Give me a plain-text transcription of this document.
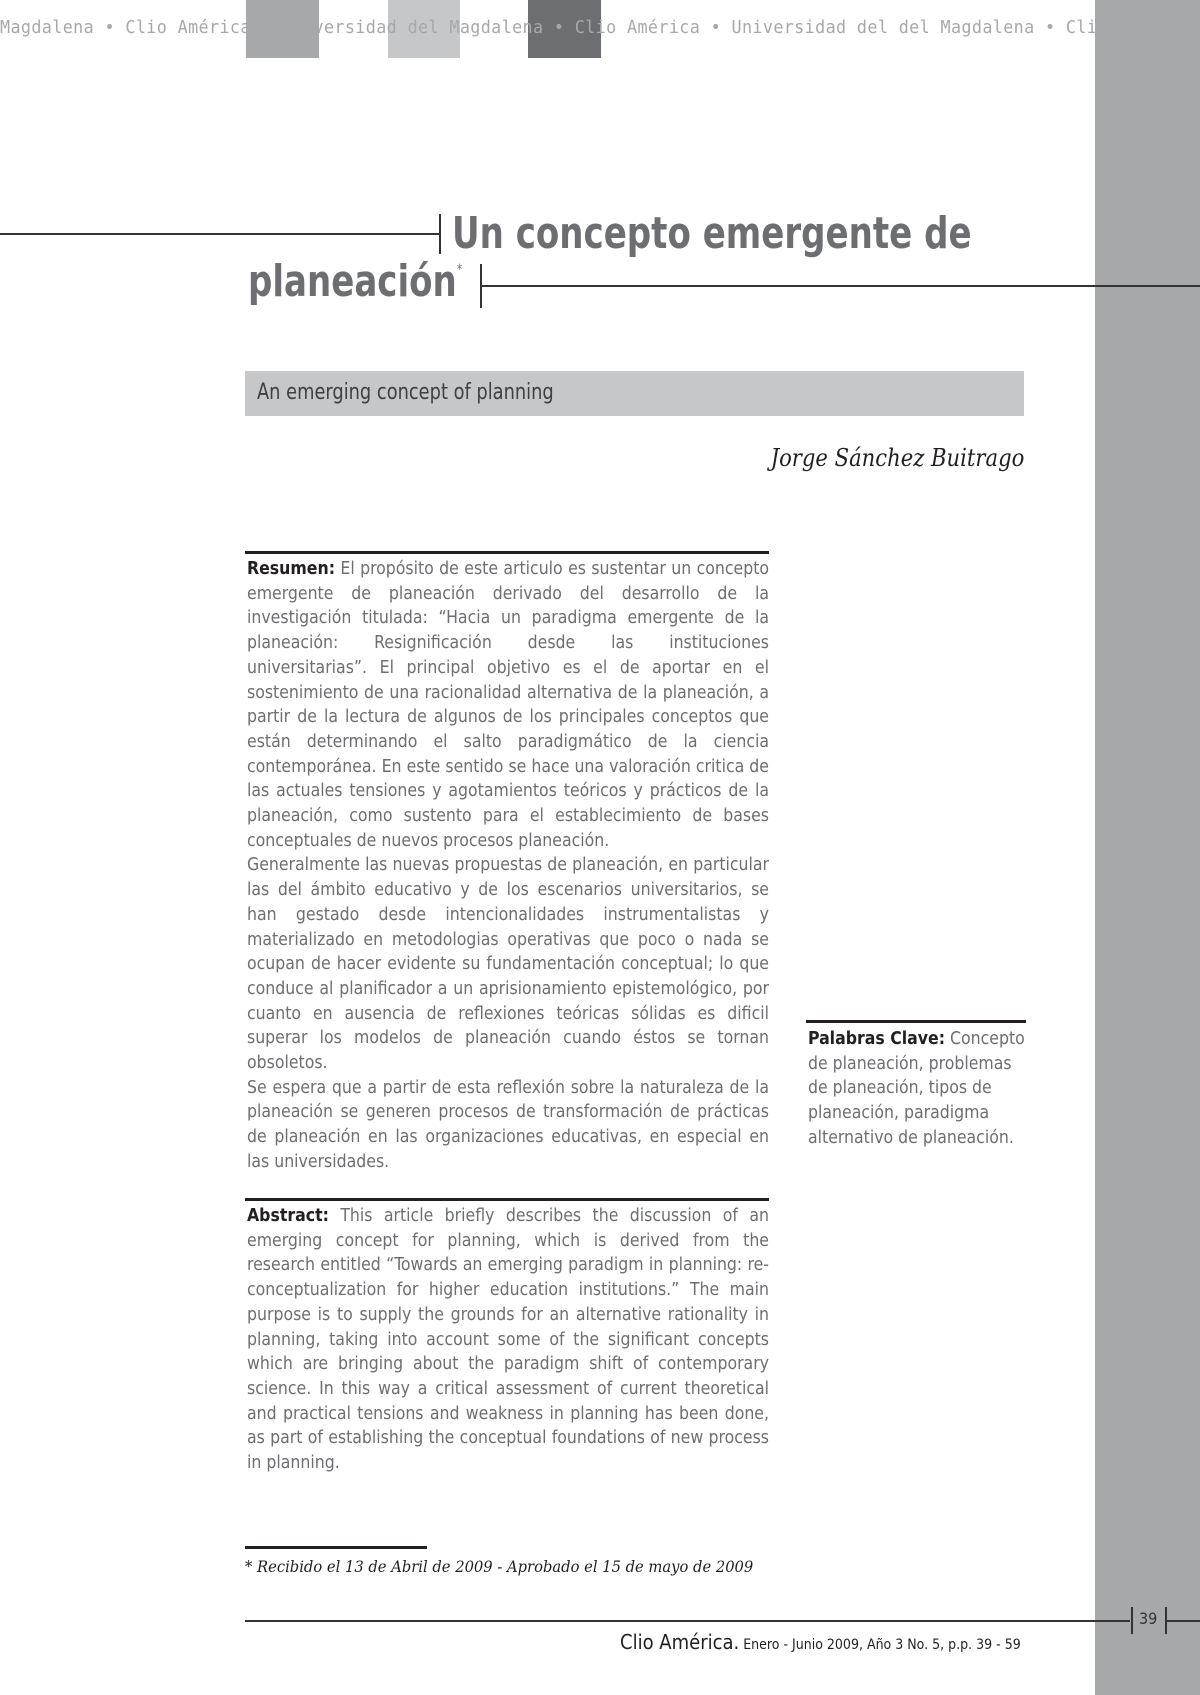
Magdalena • Clio América • Universidad del Magdalena • Clio América • Universidad del del Magdalena • Clio América
Un concepto emergente de
planeación*
An emerging concept of planning
Jorge Sánchez Buitrago

Resumen: El propósito de este articulo es sustentar un concepto emergente de planeación derivado del desarrollo de la investigación titulada: “Hacia un paradigma emergente de la planeación: Resignificación desde las instituciones universitarias”. El principal objetivo es el de aportar en el sostenimiento de una racionalidad alternativa de la planeación, a partir de la lectura de algunos de los principales conceptos que están determinando el salto paradigmático de la ciencia contemporánea. En este sentido se hace una valoración critica de las actuales tensiones y agotamientos teóricos y prácticos de la planeación, como sustento para el establecimiento de bases conceptuales de nuevos procesos planeación.

Generalmente las nuevas propuestas de planeación, en particular las del ámbito educativo y de los escenarios universitarios, se han gestado desde intencionalidades instrumentalistas y materializado en metodologias operativas que poco o nada se ocupan de hacer evidente su fundamentación conceptual; lo que conduce al planificador a un aprisionamiento epistemológico, por cuanto en ausencia de reflexiones teóricas sólidas es dificil superar los modelos de planeación cuando éstos se tornan obsoletos.

Se espera que a partir de esta reflexión sobre la naturaleza de la planeación se generen procesos de transformación de prácticas de planeación en las organizaciones educativas, en especial en las universidades.

Palabras Clave: Concepto de planeación, problemas de planeación, tipos de planeación, paradigma alternativo de planeación.
Abstract: This article briefly describes the discussion of an emerging concept for planning, which is derived from the research entitled “Towards an emerging paradigm in planning: re-conceptualization for higher education institutions.” The main purpose is to supply the grounds for an alternative rationality in planning, taking into account some of the significant concepts which are bringing about the paradigm shift of contemporary science. In this way a critical assessment of current theoretical and practical tensions and weakness in planning has been done, as part of establishing the conceptual foundations of new process in planning.
* Recibido el 13 de Abril de 2009 - Aprobado el 15 de mayo de 2009
39
Clio América. Enero - Junio 2009, Año 3 No. 5, p.p. 39 - 59
